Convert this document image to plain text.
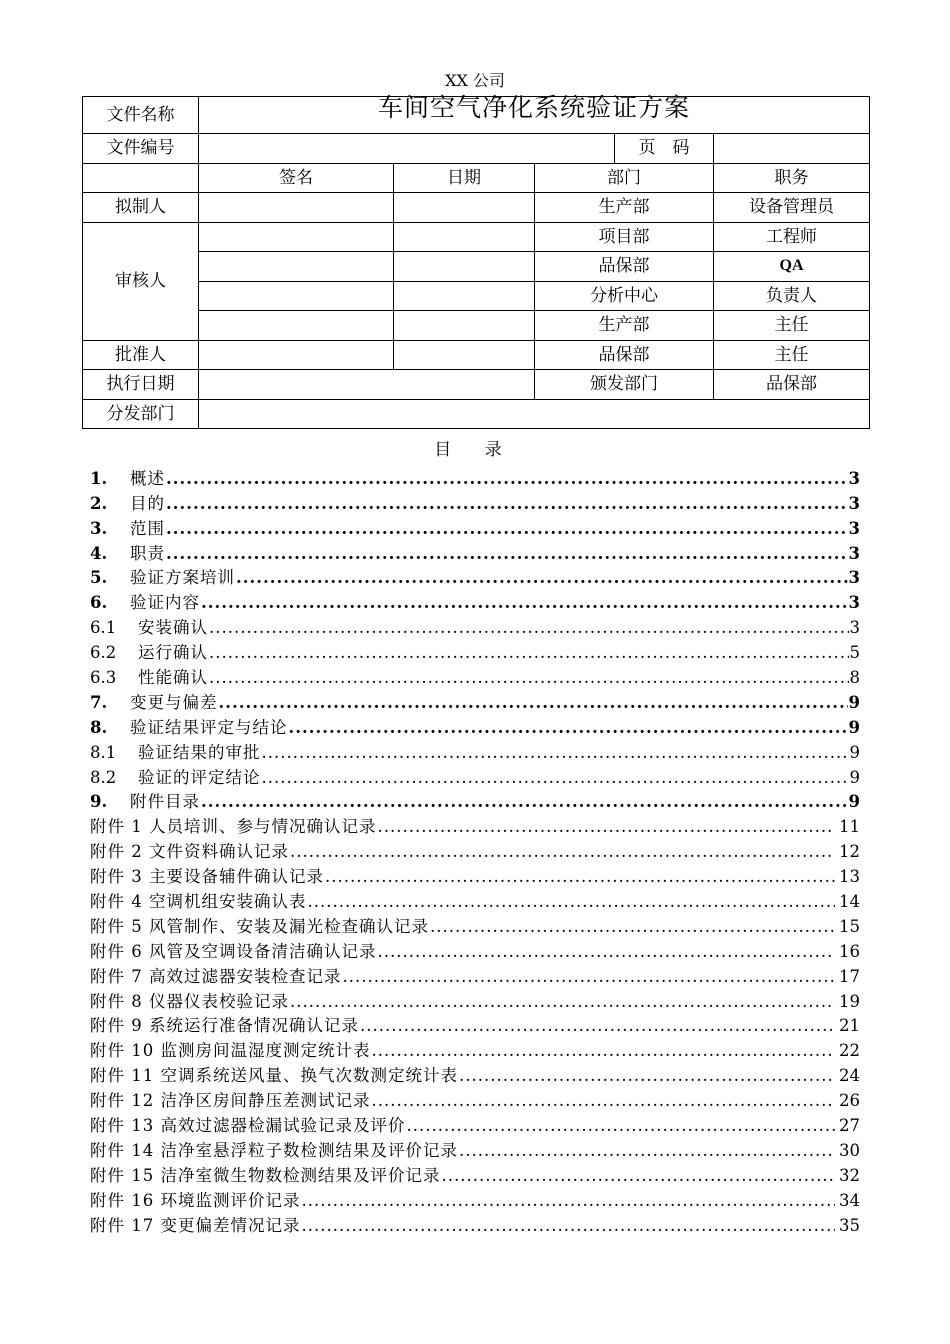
XX 公司
文件名称	车间空气净化系统验证方案				
文件编号				页　码	
	签名	日期	部门		职务
拟制人			生产部		设备管理员
审核人			项目部		工程师
			品保部		QA
			分析中心		负责人
			生产部		主任
批准人			品保部		主任
执行日期			颁发部门		品保部
分发部门					
目 录
1.	概述 .....	3
2.	目的 .....	3
3.	范围 .....	3
4.	职责 .....	3
5.	验证方案培训 .....	3
6.	验证内容 .....	3
6.1	安装确认 .....	3
6.2	运行确认 .....	5
6.3	性能确认 .....	8
7.	变更与偏差 .....	9
8.	验证结果评定与结论 .....	9
8.1	验证结果的审批 .....	9
8.2	验证的评定结论 .....	9
9.	附件目录 .....	9
附件 1 人员培训、参与情况确认记录 .....	11
附件 2 文件资料确认记录 .....	12
附件 3 主要设备辅件确认记录 .....	13
附件 4 空调机组安装确认表 .....	14
附件 5 风管制作、安装及漏光检查确认记录 .....	15
附件 6 风管及空调设备清洁确认记录 .....	16
附件 7 高效过滤器安装检查记录 .....	17
附件 8 仪器仪表校验记录 .....	19
附件 9 系统运行准备情况确认记录 .....	21
附件 10 监测房间温湿度测定统计表 .....	22
附件 11 空调系统送风量、换气次数测定统计表 .....	24
附件 12 洁净区房间静压差测试记录 .....	26
附件 13 高效过滤器检漏试验记录及评价 .....	27
附件 14 洁净室悬浮粒子数检测结果及评价记录 .....	30
附件 15 洁净室微生物数检测结果及评价记录 .....	32
附件 16 环境监测评价记录 .....	34
附件 17 变更偏差情况记录 .....	35
